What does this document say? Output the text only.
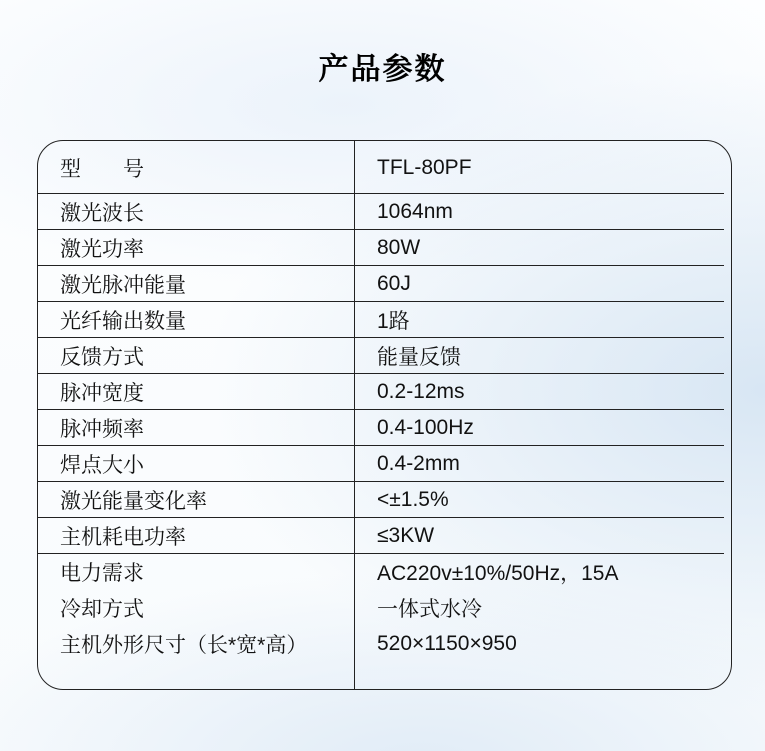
产品参数
型　　号	TFL-80PF
激光波长	1064nm
激光功率	80W
激光脉冲能量	60J
光纤输出数量	1路
反馈方式	能量反馈
脉冲宽度	0.2-12ms
脉冲频率	0.4-100Hz
焊点大小	0.4-2mm
激光能量变化率	<±1.5%
主机耗电功率	≤3KW
电力需求	AC220v±10%/50Hz，15A
冷却方式	一体式水冷
主机外形尺寸（长*宽*高）	520×1150×950
